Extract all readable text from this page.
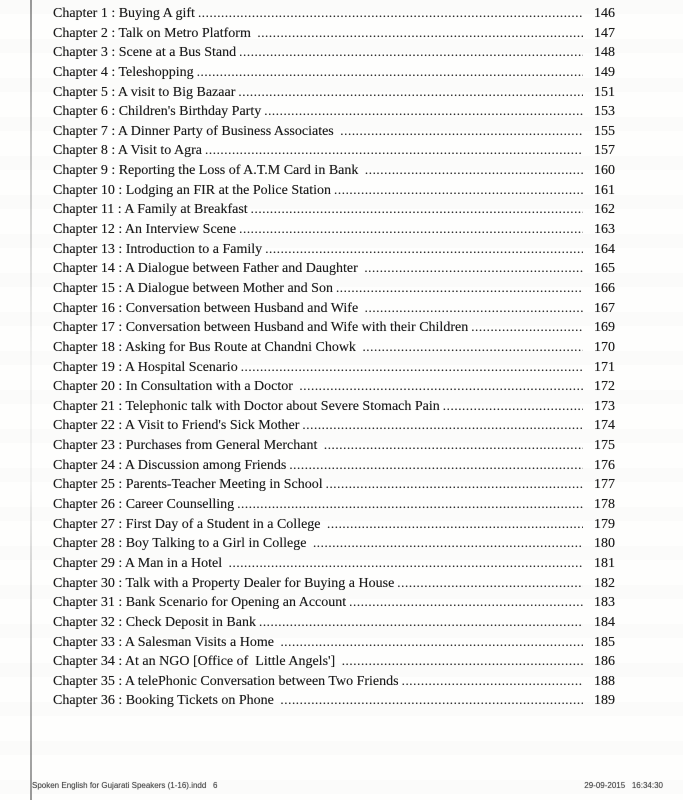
Chapter 1 : Buying A gift .....	146
Chapter 2 : Talk on Metro Platform .....	147
Chapter 3 : Scene at a Bus Stand .....	148
Chapter 4 : Teleshopping .....	149
Chapter 5 : A visit to Big Bazaar .....	151
Chapter 6 : Children's Birthday Party .....	153
Chapter 7 : A Dinner Party of Business Associates .....	155
Chapter 8 : A Visit to Agra .....	157
Chapter 9 : Reporting the Loss of A.T.M Card in Bank .....	160
Chapter 10 : Lodging an FIR at the Police Station .....	161
Chapter 11 : A Family at Breakfast .....	162
Chapter 12 : An Interview Scene .....	163
Chapter 13 : Introduction to a Family .....	164
Chapter 14 : A Dialogue between Father and Daughter .....	165
Chapter 15 : A Dialogue between Mother and Son .....	166
Chapter 16 : Conversation between Husband and Wife .....	167
Chapter 17 : Conversation between Husband and Wife with their Children .....	169
Chapter 18 : Asking for Bus Route at Chandni Chowk .....	170
Chapter 19 : A Hospital Scenario .....	171
Chapter 20 : In Consultation with a Doctor .....	172
Chapter 21 : Telephonic talk with Doctor about Severe Stomach Pain .....	173
Chapter 22 : A Visit to Friend's Sick Mother .....	174
Chapter 23 : Purchases from General Merchant .....	175
Chapter 24 : A Discussion among Friends .....	176
Chapter 25 : Parents-Teacher Meeting in School .....	177
Chapter 26 : Career Counselling .....	178
Chapter 27 : First Day of a Student in a College .....	179
Chapter 28 : Boy Talking to a Girl in College .....	180
Chapter 29 : A Man in a Hotel .....	181
Chapter 30 : Talk with a Property Dealer for Buying a House .....	182
Chapter 31 : Bank Scenario for Opening an Account .....	183
Chapter 32 : Check Deposit in Bank .....	184
Chapter 33 : A Salesman Visits a Home .....	185
Chapter 34 : At an NGO [Office of  Little Angels'] .....	186
Chapter 35 : A telePhonic Conversation between Two Friends .....	188
Chapter 36 : Booking Tickets on Phone .....	189
Spoken English for Gujarati Speakers (1-16).indd   6	29-09-2015   16:34:30
